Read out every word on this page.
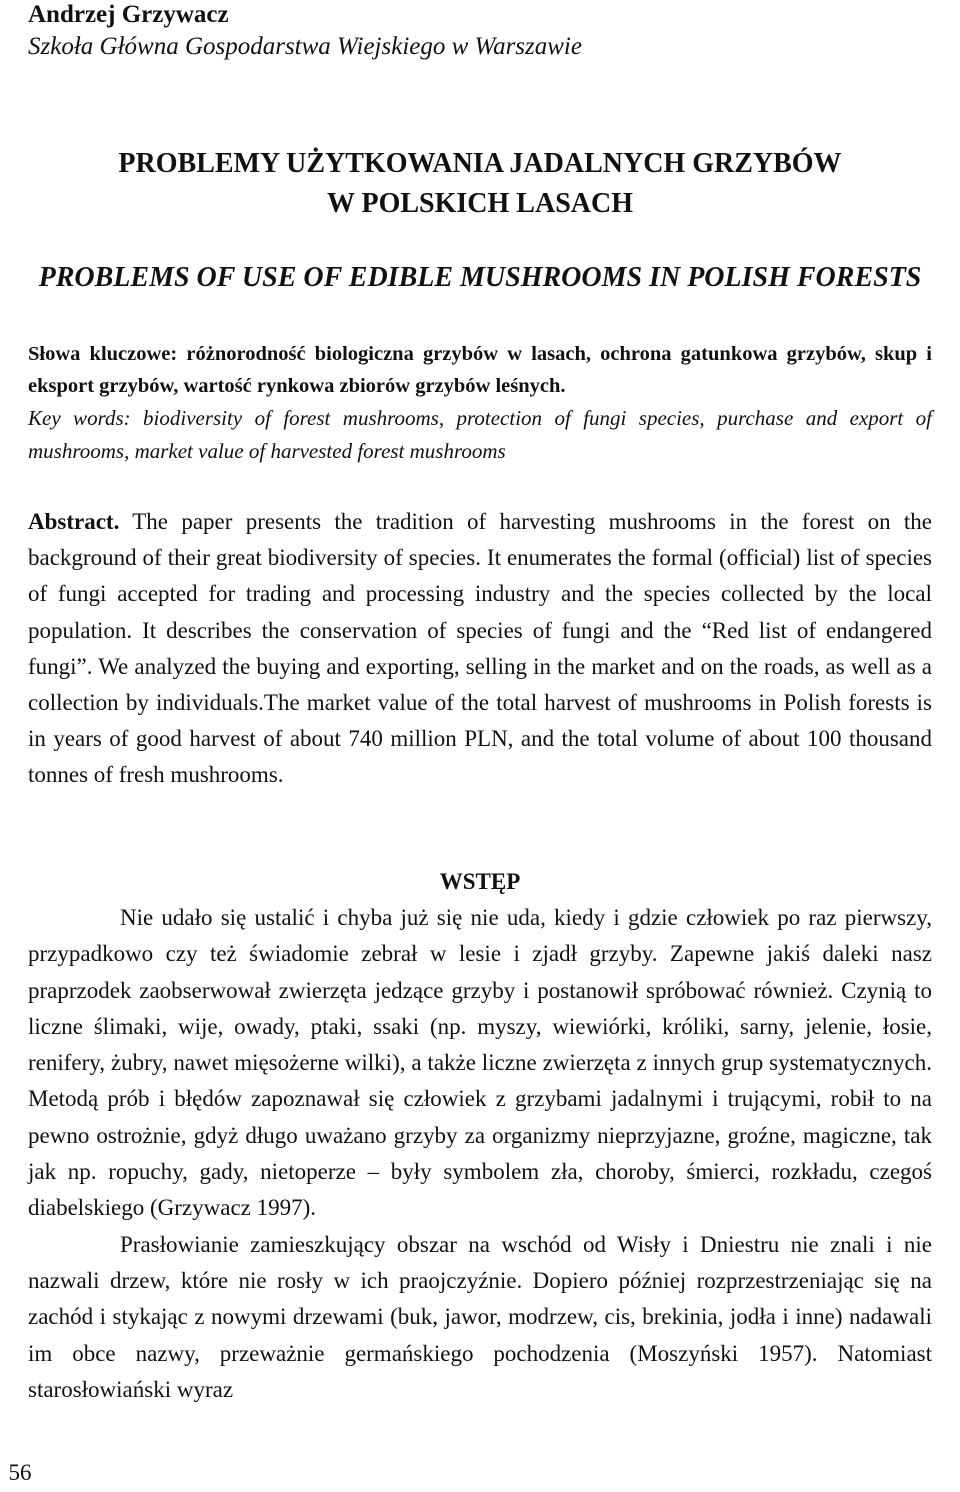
Andrzej Grzywacz

Szkoła Główna Gospodarstwa Wiejskiego w Warszawie

PROBLEMY UŻYTKOWANIA JADALNYCH GRZYBÓW
W POLSKICH LASACH
PROBLEMS OF USE OF EDIBLE MUSHROOMS IN POLISH FORESTS

Słowa kluczowe: różnorodność biologiczna grzybów w lasach, ochrona gatunkowa grzybów, skup i eksport grzybów, wartość rynkowa zbiorów grzybów leśnych.

Key words: biodiversity of forest mushrooms, protection of fungi species, purchase and export of mushrooms, market value of harvested forest mushrooms

Abstract. The paper presents the tradition of harvesting mushrooms in the forest on the background of their great biodiversity of species. It enumerates the formal (official) list of species of fungi accepted for trading and processing industry and the species collected by the local population. It describes the conservation of species of fungi and the “Red list of endangered fungi”. We analyzed the buying and exporting, selling in the market and on the roads, as well as a collection by individuals.The market value of the total harvest of mushrooms in Polish forests is in years of good harvest of about 740 million PLN, and the total volume of about 100 thousand tonnes of fresh mushrooms.

WSTĘP

Nie udało się ustalić i chyba już się nie uda, kiedy i gdzie człowiek po raz pierwszy, przypadkowo czy też świadomie zebrał w lesie i zjadł grzyby. Zapewne jakiś daleki nasz praprzodek zaobserwował zwierzęta jedzące grzyby i postanowił spróbować również. Czynią to liczne ślimaki, wije, owady, ptaki, ssaki (np. myszy, wiewiórki, króliki, sarny, jelenie, łosie, renifery, żubry, nawet mięsożerne wilki), a także liczne zwierzęta z innych grup systematycznych. Metodą prób i błędów zapoznawał się człowiek z grzybami jadalnymi i trującymi, robił to na pewno ostrożnie, gdyż długo uważano grzyby za organizmy nieprzyjazne, groźne, magiczne, tak jak np. ropuchy, gady, nietoperze – były symbolem zła, choroby, śmierci, rozkładu, czegoś diabelskiego (Grzywacz 1997).

Prasłowianie zamieszkujący obszar na wschód od Wisły i Dniestru nie znali i nie nazwali drzew, które nie rosły w ich praojczyźnie. Dopiero później rozprzestrzeniając się na zachód i stykając z nowymi drzewami (buk, jawor, modrzew, cis, brekinia, jodła i inne) nadawali im obce nazwy, przeważnie germańskiego pochodzenia (Moszyński 1957). Natomiast starosłowiański wyraz

56
